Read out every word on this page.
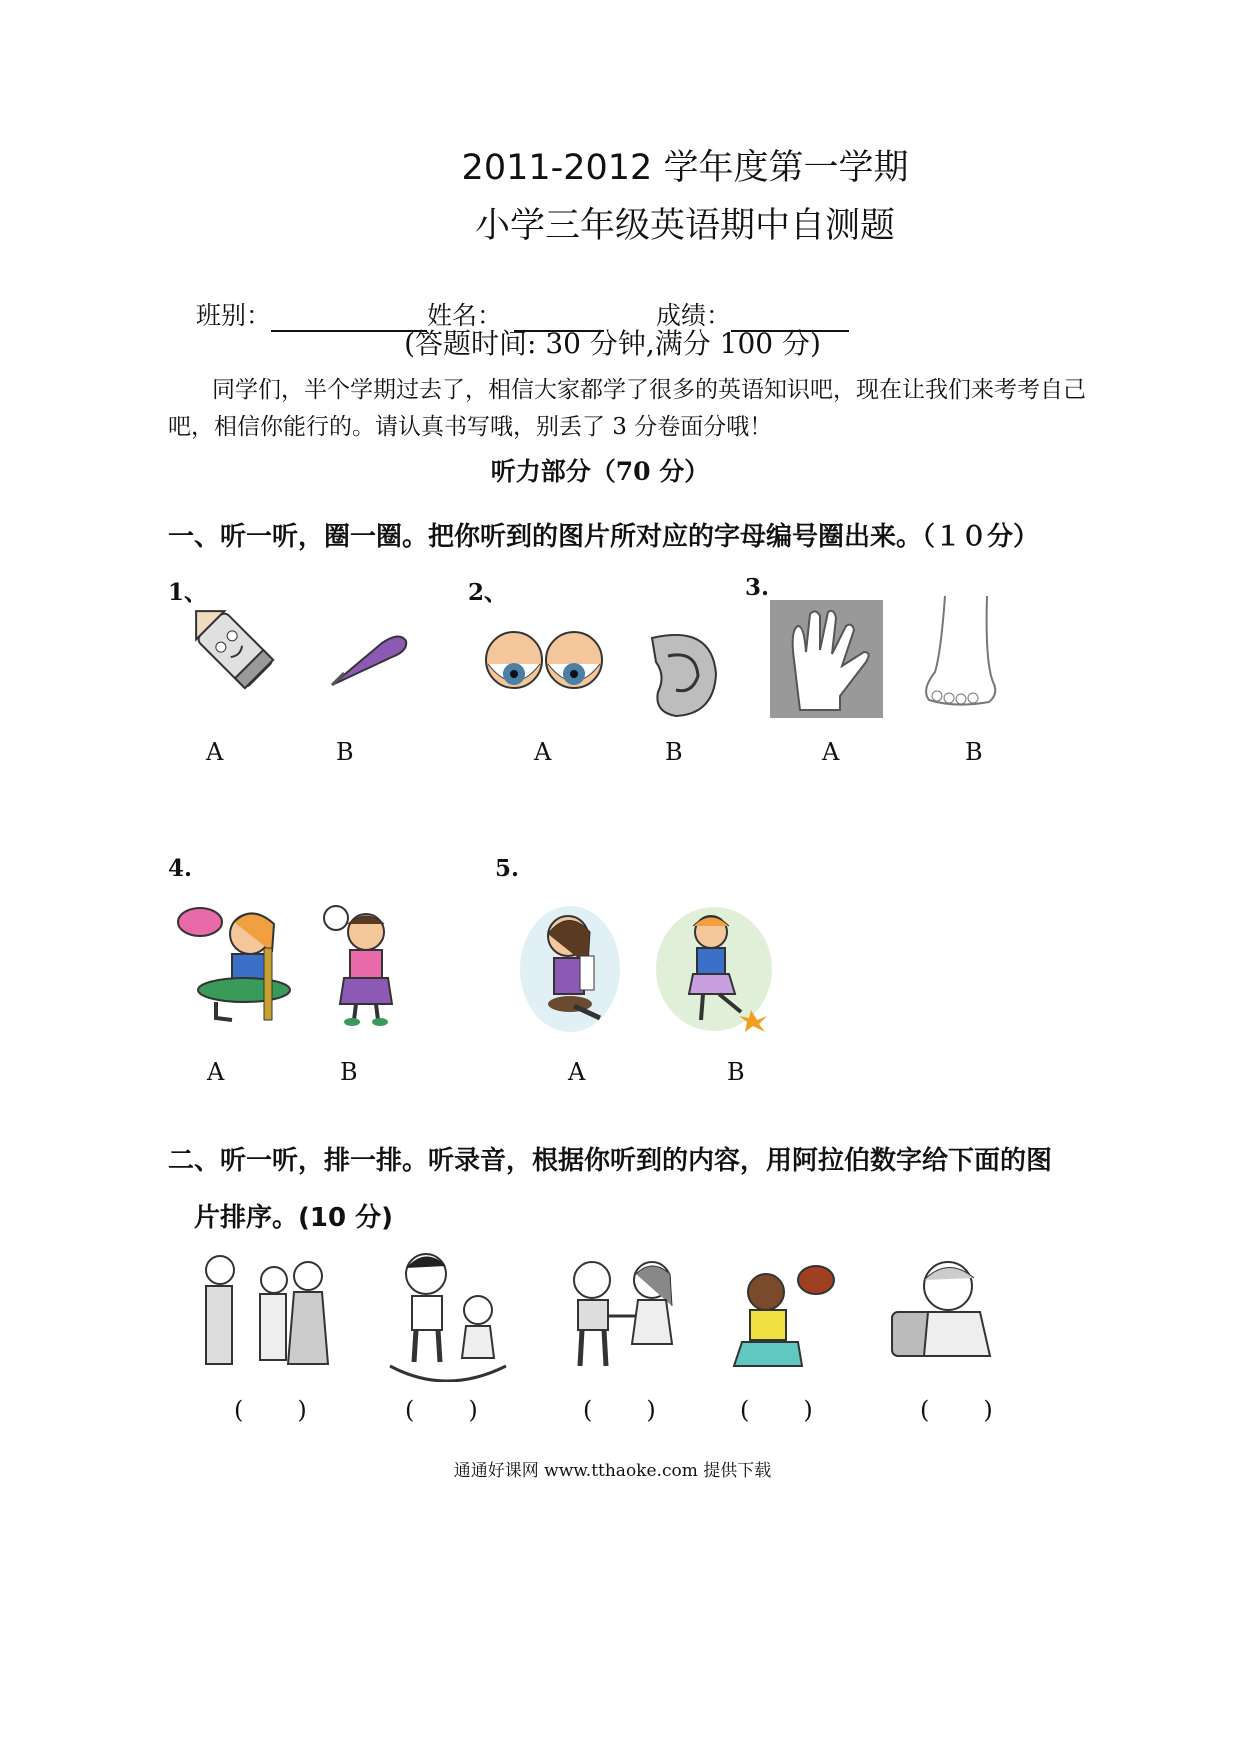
2011-2012 学年度第一学期
小学三年级英语期中自测题
班别：	姓名：	成绩：
(答题时间: 30 分钟,满分 100 分)
同学们，半个学期过去了，相信大家都学了很多的英语知识吧，现在让我们来考考自己
吧，相信你能行的。请认真书写哦，别丢了 3 分卷面分哦！
听力部分（70 分）
一、听一听，圈一圈。把你听到的图片所对应的字母编号圈出来。（１０分）
1、	2、	3.
4.	5.
A	B	A	B	A	B
A	B	A	B
二、听一听，排一排。听录音，根据你听到的内容，用阿拉伯数字给下面的图
片排序。(10 分)
(　　)	(　　)	(　　)	(　　)	(　　)
通通好课网 www.tthaoke.com 提供下载
